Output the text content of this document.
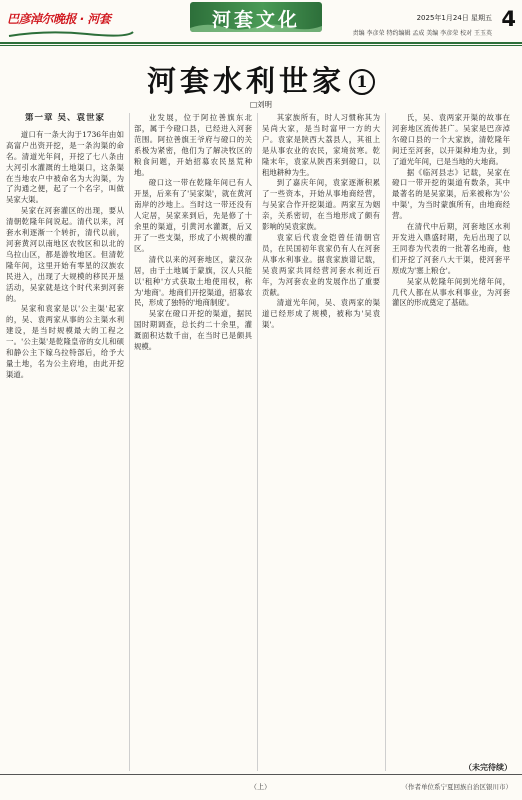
巴彦淖尔晚报 · 河套	河套文化	2025年1月24日 星期五
责编 李彦荣 特约编辑 孟成 美编 李彦荣 校对 王玉英
4
河套水利世家 1
□刘明
第一章 吴、袁世家

道口有一条大沟于1736年由如高富户出资开挖，是一条沟渠的命名。清道光年间，开挖了七八条由大河引水灌溉的土地渠口，这条渠在当地农户中被命名为大沟渠，为了沟通之便，起了一个名字，叫做吴家大渠。

吴家在河套灌区的出现，要从清朝乾隆年间说起。清代以来，河套水利逐渐一个转折，清代以前，河套黄河以南地区农牧区和以北的乌拉山区，都是游牧地区。但清乾隆年间，这里开始有零星的汉族农民进入，出现了大规模的移民开垦活动，吴家就是这个时代来到河套的。

吴家和袁家是以'公主渠'起家的，吴、袁两家从事的公主渠水利建设，是当时规模最大的工程之一。'公主渠'是乾隆皇帝的女儿和硕和静公主下嫁乌拉特部后，给予大量土地，名为公主府地，由此开挖渠道。

业发展，位于阿拉善旗东北部，属于今磴口县，已经进入河套范围。阿拉善旗王爷府与磴口的关系极为紧密，他们为了解决牧区的粮食问题，开始招募农民垦荒种地。

磴口这一带在乾隆年间已有人开垦，后来有了'吴家渠'，就在黄河南岸的沙地上。当时这一带还没有人定居，吴家来到后，先是修了十余里的渠道，引黄河水灌溉，后又开了一些支渠，形成了小规模的灌区。

清代以来的河套地区，蒙汉杂居，由于土地属于蒙旗，汉人只能以'租种'方式获取土地使用权，称为'地商'。地商们开挖渠道，招募农民，形成了独特的'地商制度'。

吴家在磴口开挖的渠道，据民国时期调查，总长约二十余里，灌溉面积达数千亩，在当时已是颇具规模。

其家族所有，时人习惯称其为吴尚大家，是当时富甲一方的大户。袁家是陕西大荔县人，其祖上是从事农业的农民，家境贫寒。乾隆末年，袁家从陕西来到磴口，以租地耕种为生。

到了嘉庆年间，袁家逐渐积累了一些资本，开始从事地商经营，与吴家合作开挖渠道。两家互为姻亲，关系密切，在当地形成了颇有影响的吴袁家族。

袁家后代袁金铠曾任清朝官员，在民国初年袁家仍有人在河套从事水利事业。据袁家族谱记载，吴袁两家共同经营河套水利近百年，为河套农业的发展作出了重要贡献。

清道光年间，吴、袁两家的渠道已经形成了规模，被称为'吴袁渠'。

氏，吴、袁两家开渠的故事在河套地区流传甚广。吴家是巴彦淖尔磴口县的一个大家族，清乾隆年间迁至河套，以开渠种地为业，到了道光年间，已是当地的大地商。

据《临河县志》记载，吴家在磴口一带开挖的渠道有数条，其中最著名的是吴家渠，后来被称为'公中渠'，为当时蒙旗所有，由地商经营。

在清代中后期，河套地区水利开发进入鼎盛时期，先后出现了以王同春为代表的一批著名地商，他们开挖了河套八大干渠，使河套平原成为'塞上粮仓'。

吴家从乾隆年间到光绪年间，几代人都在从事水利事业，为河套灌区的形成奠定了基础。

（未完待续）
（上）	（作者单位系宁夏回族自治区银川市）
